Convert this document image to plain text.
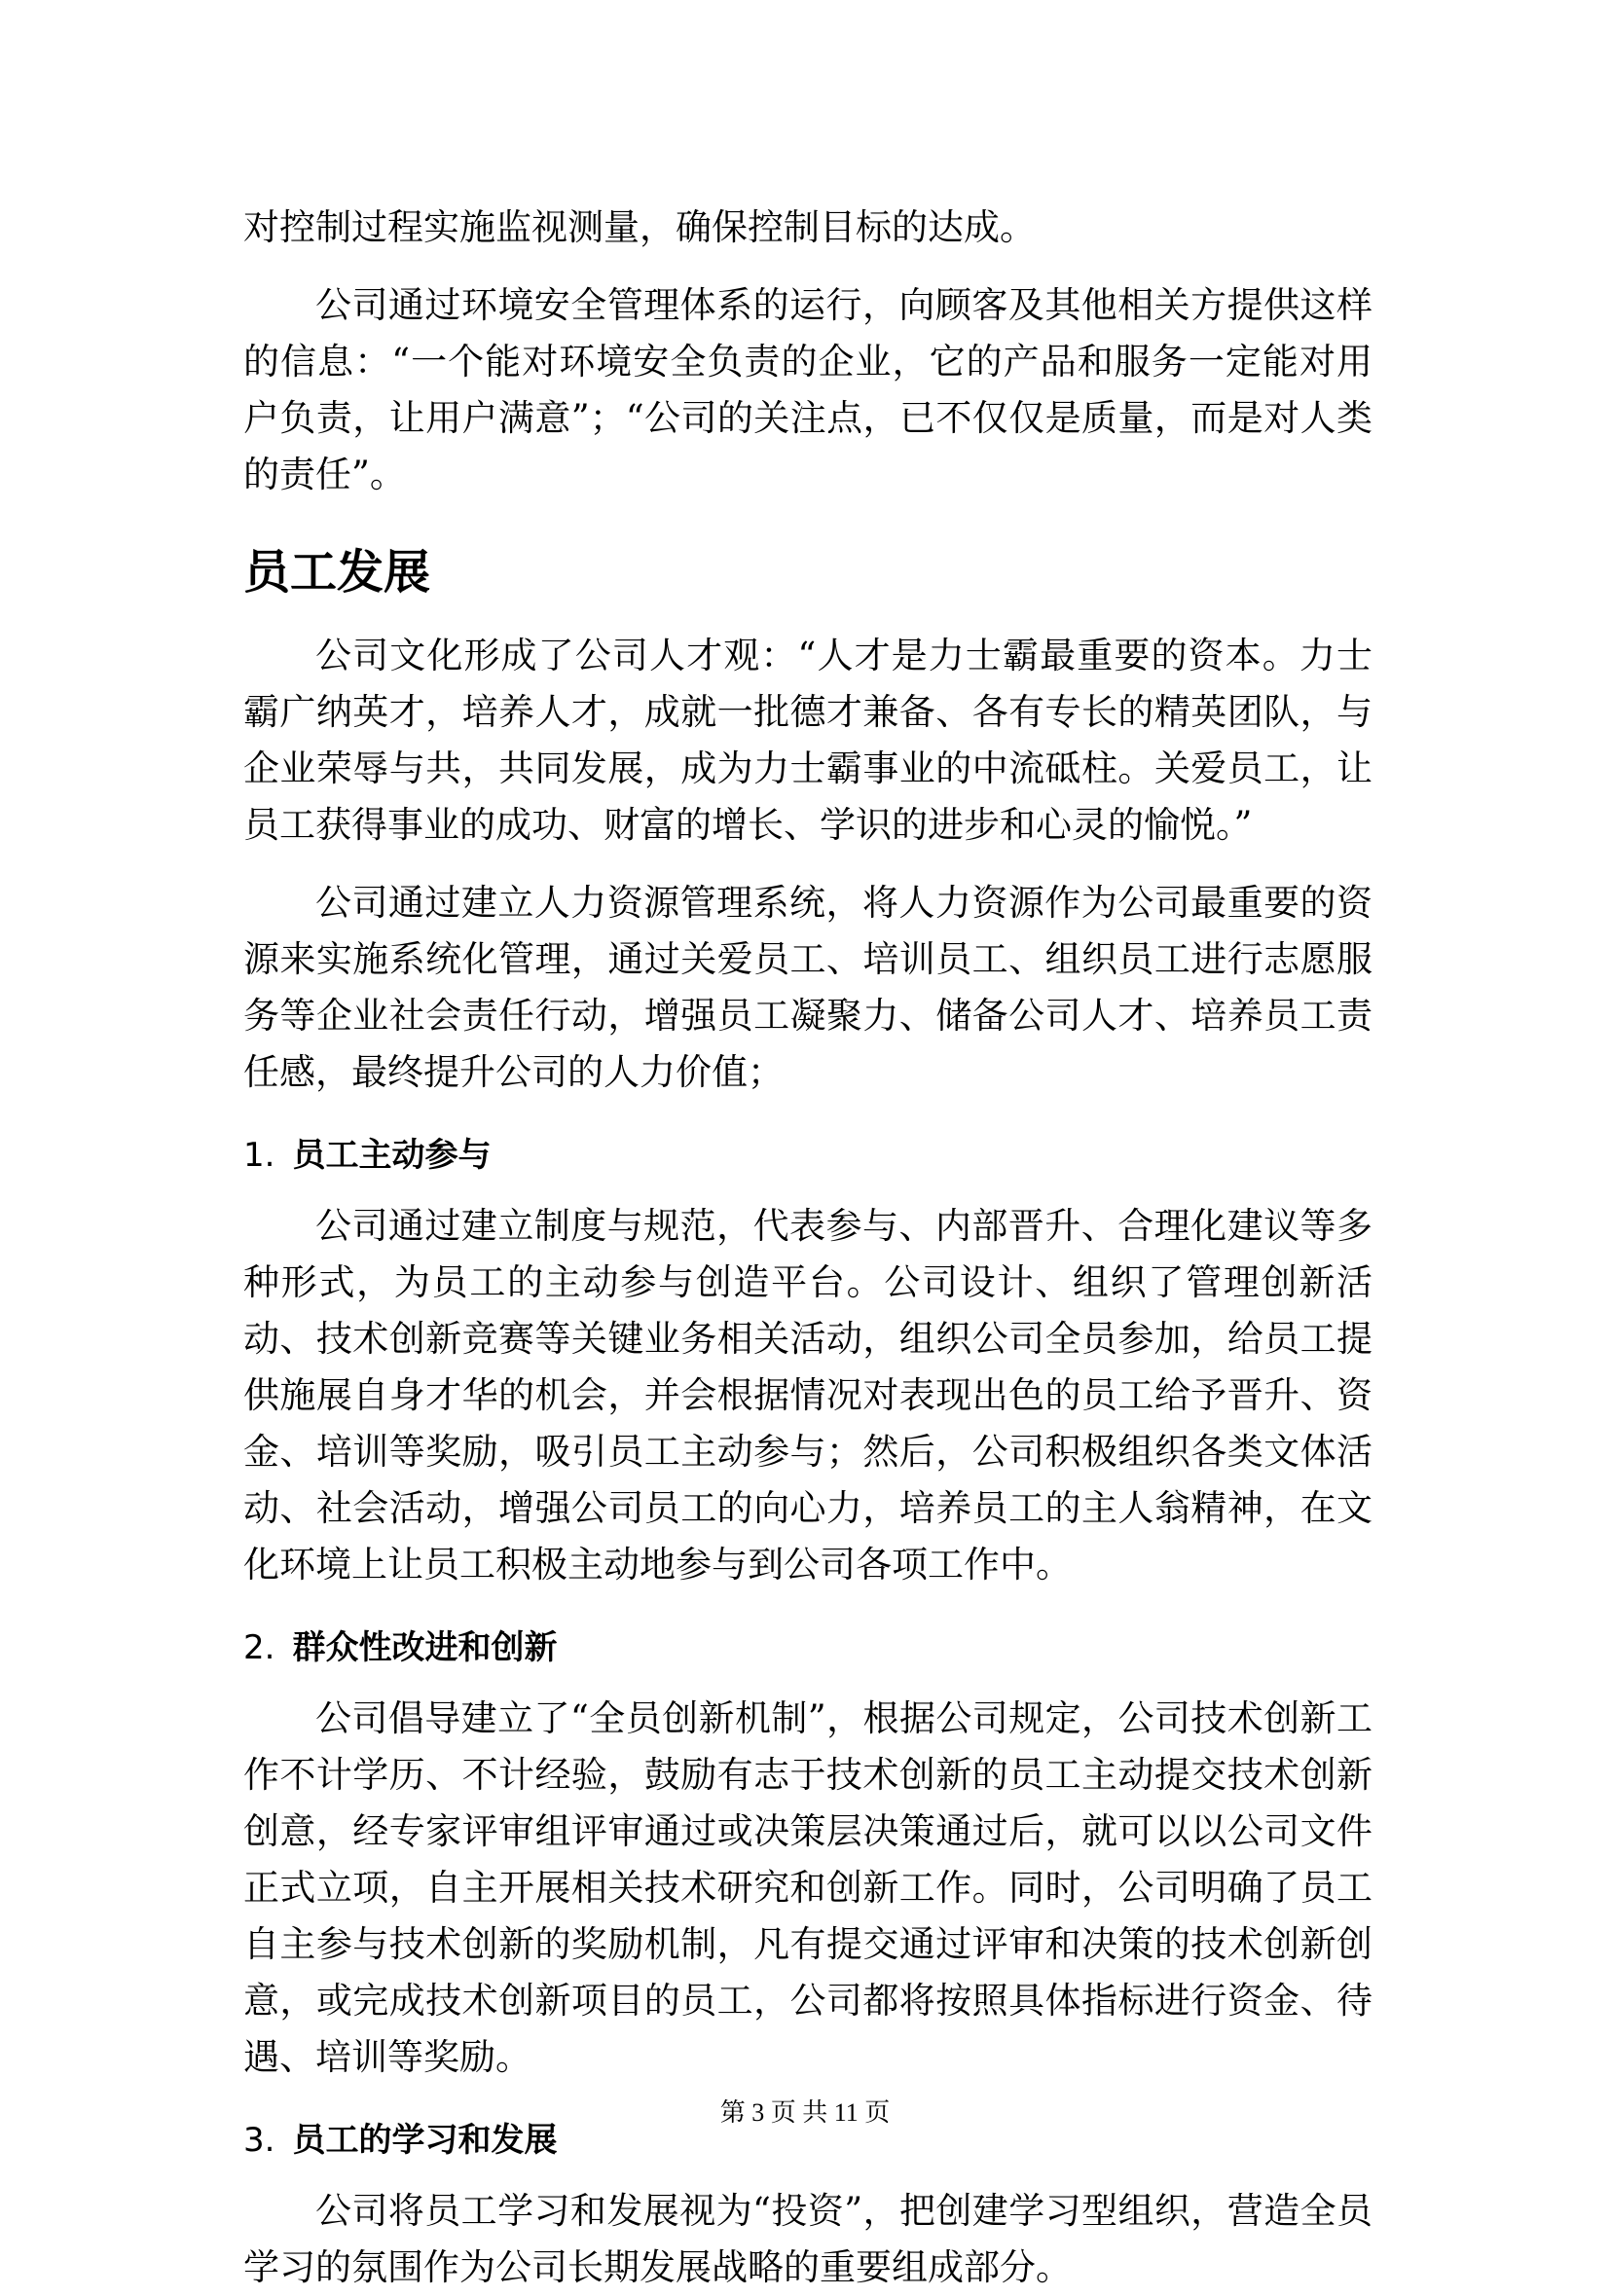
对控制过程实施监视测量，确保控制目标的达成。

公司通过环境安全管理体系的运行，向顾客及其他相关方提供这样的信息：“一个能对环境安全负责的企业，它的产品和服务一定能对用户负责，让用户满意”；“公司的关注点，已不仅仅是质量，而是对人类的责任”。

员工发展

公司文化形成了公司人才观：“人才是力士霸最重要的资本。力士霸广纳英才，培养人才，成就一批德才兼备、各有专长的精英团队，与企业荣辱与共，共同发展，成为力士霸事业的中流砥柱。关爱员工，让员工获得事业的成功、财富的增长、学识的进步和心灵的愉悦。”

公司通过建立人力资源管理系统，将人力资源作为公司最重要的资源来实施系统化管理，通过关爱员工、培训员工、组织员工进行志愿服务等企业社会责任行动，增强员工凝聚力、储备公司人才、培养员工责任感，最终提升公司的人力价值；

1. 员工主动参与

公司通过建立制度与规范，代表参与、内部晋升、合理化建议等多种形式，为员工的主动参与创造平台。公司设计、组织了管理创新活动、技术创新竞赛等关键业务相关活动，组织公司全员参加，给员工提供施展自身才华的机会，并会根据情况对表现出色的员工给予晋升、资金、培训等奖励，吸引员工主动参与；然后，公司积极组织各类文体活动、社会活动，增强公司员工的向心力，培养员工的主人翁精神，在文化环境上让员工积极主动地参与到公司各项工作中。

2. 群众性改进和创新

公司倡导建立了“全员创新机制”，根据公司规定，公司技术创新工作不计学历、不计经验，鼓励有志于技术创新的员工主动提交技术创新创意，经专家评审组评审通过或决策层决策通过后，就可以以公司文件正式立项，自主开展相关技术研究和创新工作。同时，公司明确了员工自主参与技术创新的奖励机制，凡有提交通过评审和决策的技术创新创意，或完成技术创新项目的员工，公司都将按照具体指标进行资金、待遇、培训等奖励。

3. 员工的学习和发展

公司将员工学习和发展视为“投资”，把创建学习型组织，营造全员学习的氛围作为公司长期发展战略的重要组成部分。

第 3 页 共 11 页
